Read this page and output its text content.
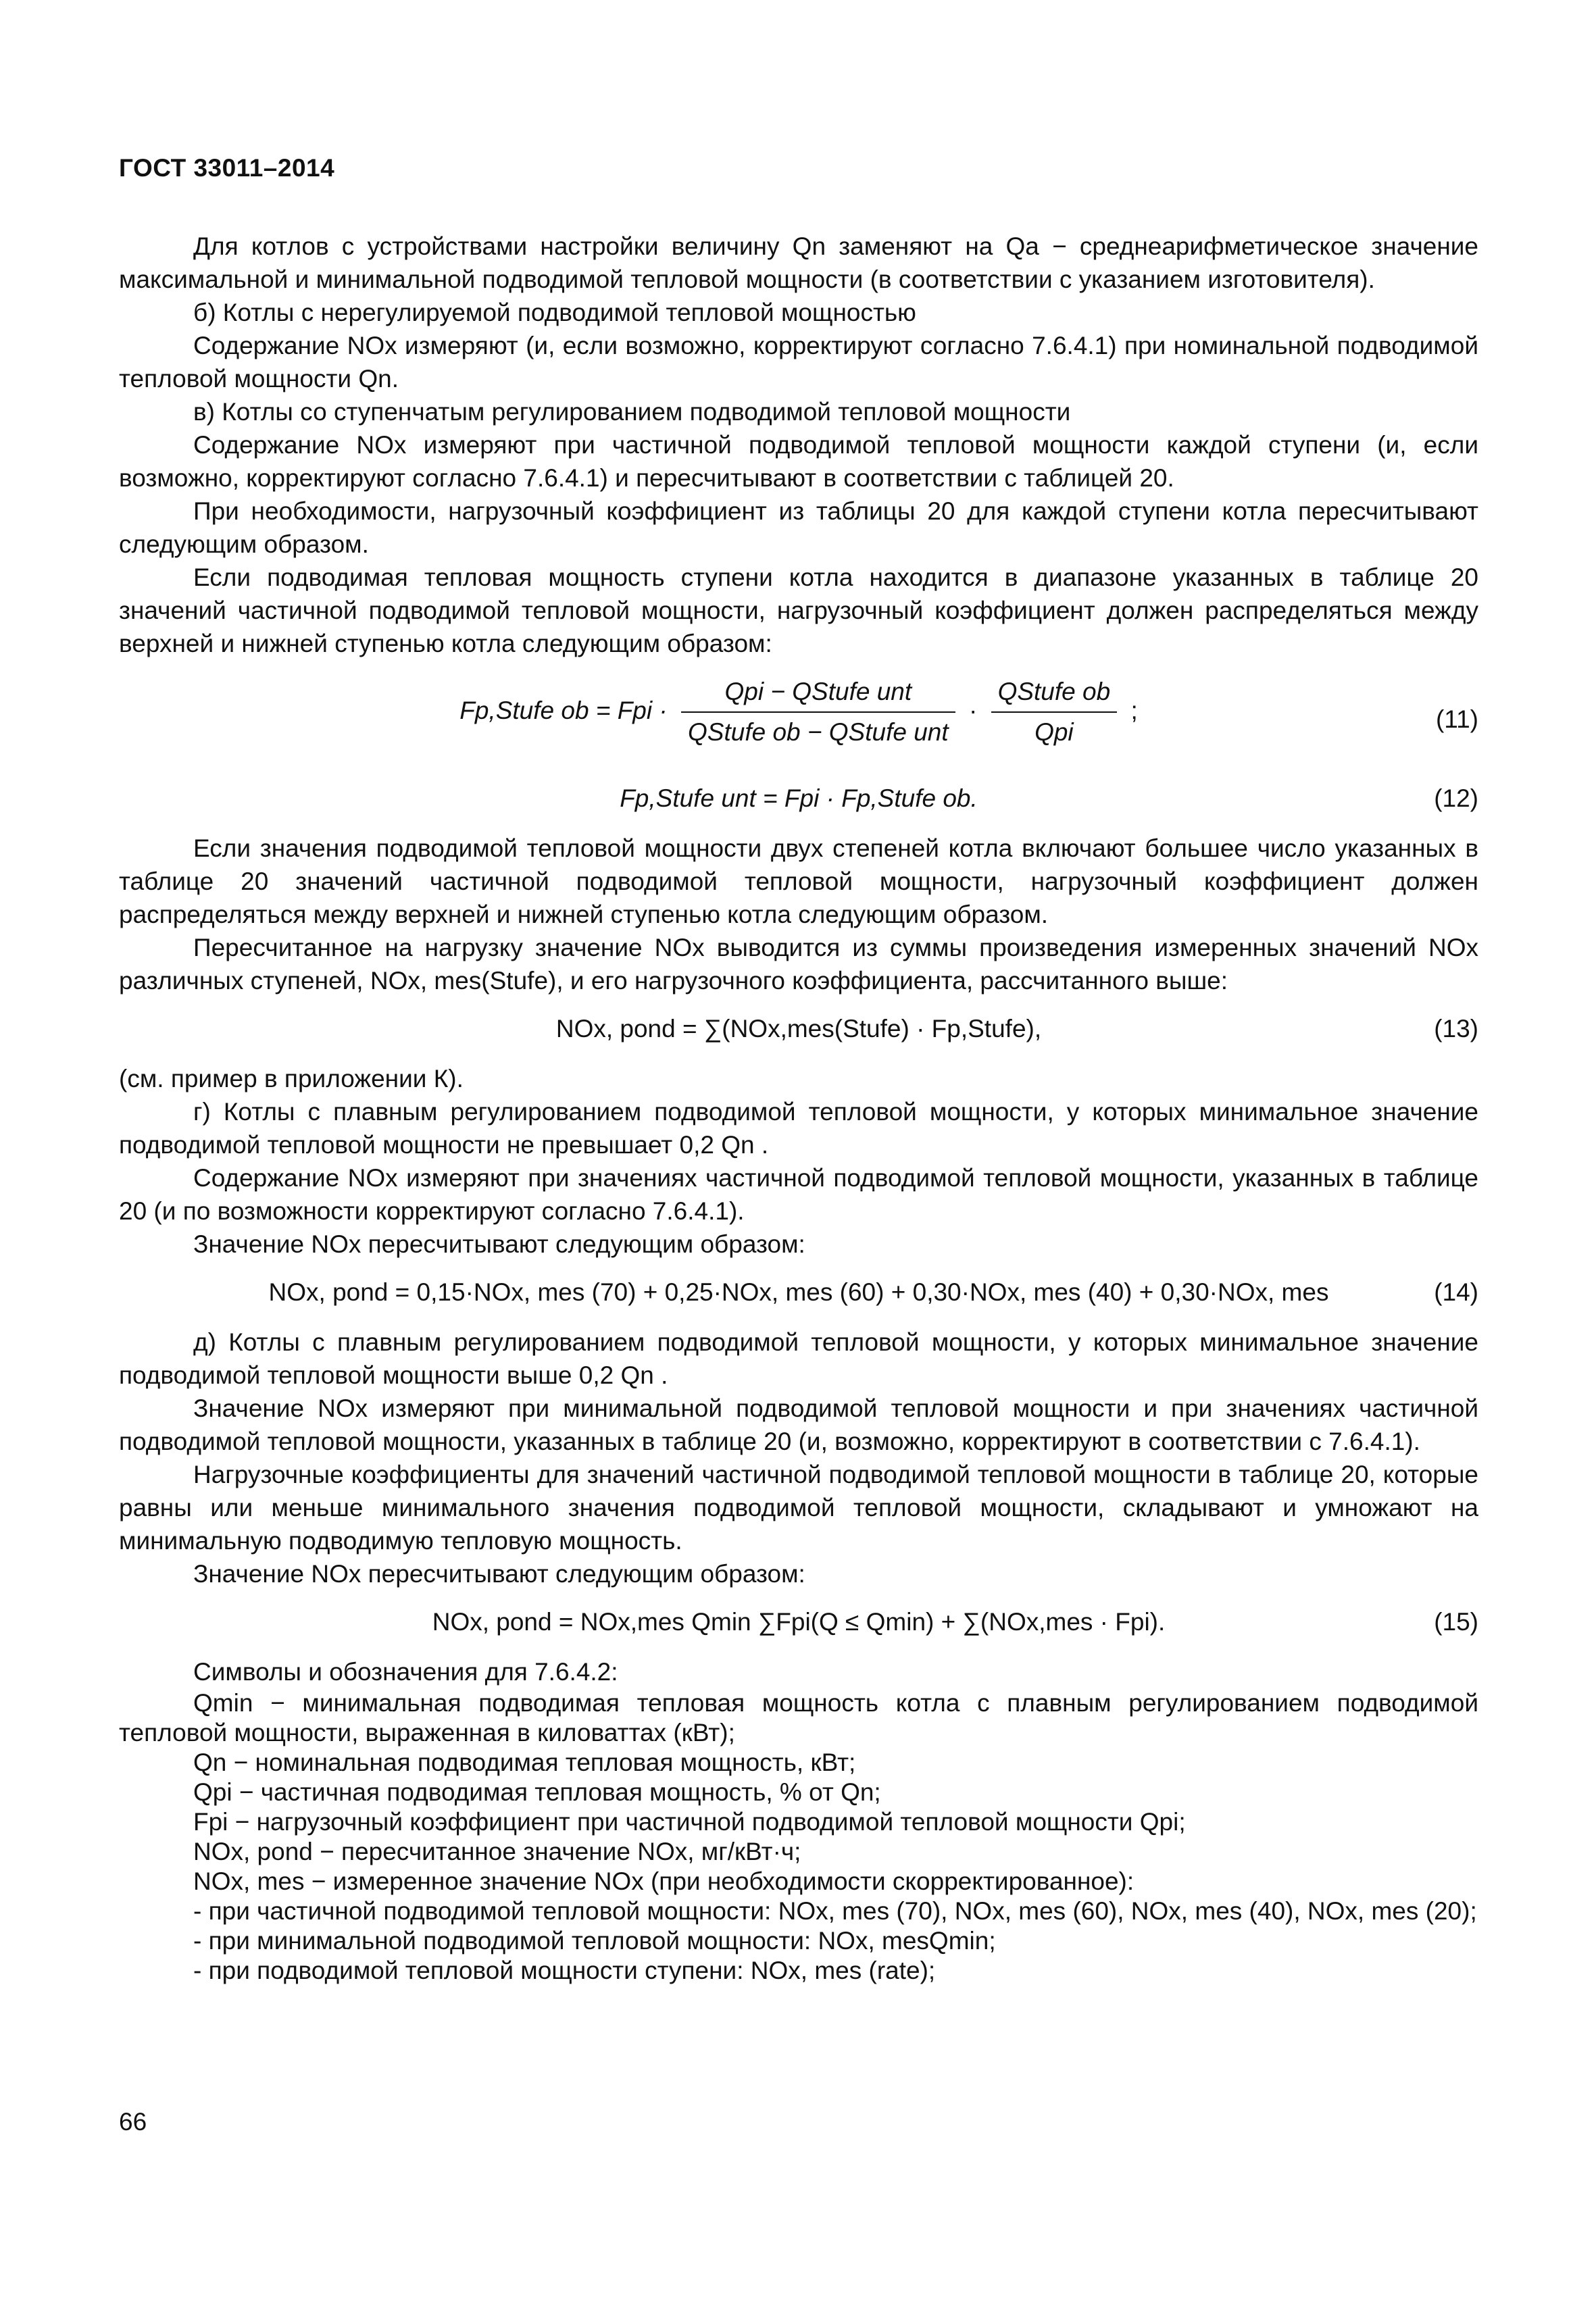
ГОСТ 33011–2014

Для котлов с устройствами настройки величину Qn заменяют на Qa − среднеарифметическое значение максимальной и минимальной подводимой тепловой мощности (в соответствии с указанием изготовителя).

б) Котлы с нерегулируемой подводимой тепловой мощностью

Содержание NOx измеряют (и, если возможно, корректируют согласно 7.6.4.1) при номинальной подводимой тепловой мощности Qn.

в) Котлы со ступенчатым регулированием подводимой тепловой мощности

Содержание NOx измеряют при частичной подводимой тепловой мощности каждой ступени (и, если возможно, корректируют согласно 7.6.4.1) и пересчитывают в соответствии с таблицей 20.

При необходимости, нагрузочный коэффициент из таблицы 20 для каждой ступени котла пересчитывают следующим образом.

Если подводимая тепловая мощность ступени котла находится в диапазоне указанных в таблице 20 значений частичной подводимой тепловой мощности, нагрузочный коэффициент должен распределяться между верхней и нижней ступенью котла следующим образом:

Fp,Stufe ob = Fpi · $\frac{\text{Qpi − QStufe unt}}{\text{QStufe ob − QStufe unt}} \cdot \frac{\text{QStufe ob}}{\text{Qpi}}$ ;	(11)
Fp,Stufe unt = Fpi · Fp,Stufe ob.	(12)

Если значения подводимой тепловой мощности двух степеней котла включают большее число указанных в таблице 20 значений частичной подводимой тепловой мощности, нагрузочный коэффициент должен распределяться между верхней и нижней ступенью котла следующим образом.

Пересчитанное на нагрузку значение NOx выводится из суммы произведения измеренных значений NOx различных ступеней, NOx, mes(Stufe), и его нагрузочного коэффициента, рассчитанного выше:

NOx, pond = ∑(NOx,mes(Stufe) · Fp,Stufe),	(13)

(см. пример в приложении К).

г) Котлы с плавным регулированием подводимой тепловой мощности, у которых минимальное значение подводимой тепловой мощности не превышает 0,2 Qn .

Содержание NOx измеряют при значениях частичной подводимой тепловой мощности, указанных в таблице 20 (и по возможности корректируют согласно 7.6.4.1).

Значение NOx пересчитывают следующим образом:

NOx, pond = 0,15·NOx, mes (70) + 0,25·NOx, mes (60) + 0,30·NOx, mes (40) + 0,30·NOx, mes	(14)

д) Котлы с плавным регулированием подводимой тепловой мощности, у которых минимальное значение подводимой тепловой мощности выше 0,2 Qn .

Значение NOx измеряют при минимальной подводимой тепловой мощности и при значениях частичной подводимой тепловой мощности, указанных в таблице 20 (и, возможно, корректируют в соответствии с 7.6.4.1).

Нагрузочные коэффициенты для значений частичной подводимой тепловой мощности в таблице 20, которые равны или меньше минимального значения подводимой тепловой мощности, складывают и умножают на минимальную подводимую тепловую мощность.

Значение NOx пересчитывают следующим образом:

NOx, pond = NOx,mes Qmin ∑Fpi(Q ≤ Qmin) + ∑(NOx,mes · Fpi).	(15)

Символы и обозначения для 7.6.4.2:

Qmin − минимальная подводимая тепловая мощность котла с плавным регулированием подводимой тепловой мощности, выраженная в киловаттах (кВт);

Qn − номинальная подводимая тепловая мощность, кВт;

Qpi − частичная подводимая тепловая мощность, % от Qn;

Fpi − нагрузочный коэффициент при частичной подводимой тепловой мощности Qpi;

NOx, pond − пересчитанное значение NOx, мг/кВт·ч;

NOx, mes − измеренное значение NOx (при необходимости скорректированное):

- при частичной подводимой тепловой мощности: NOx, mes (70), NOx, mes (60), NOx, mes (40), NOx, mes (20);

- при минимальной подводимой тепловой мощности: NOx, mesQmin;

- при подводимой тепловой мощности ступени: NOx, mes (rate);

66
